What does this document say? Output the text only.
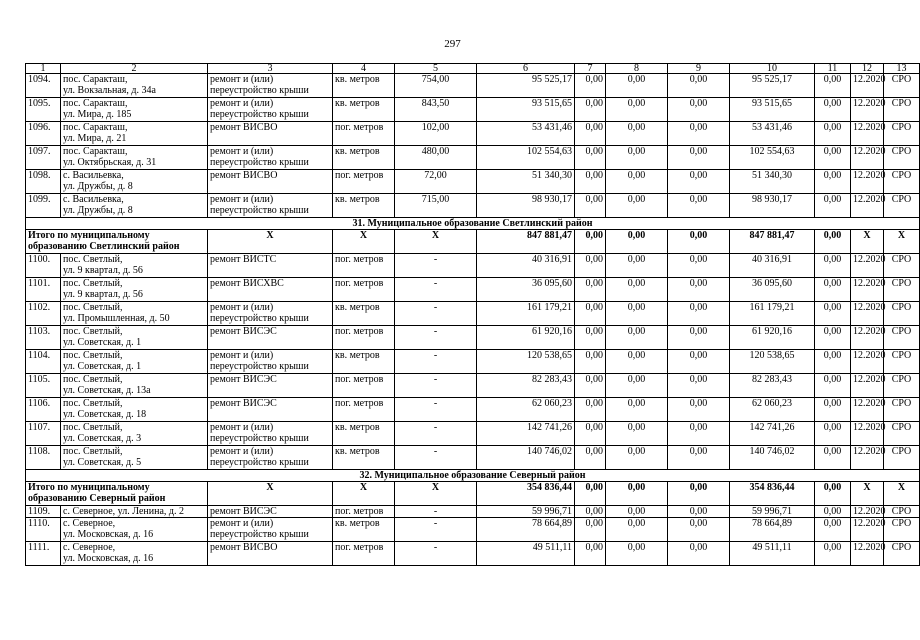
297
1	2	3	4	5	6	7	8	9	10	11	12	13
1094.	пос. Саракташ,
ул. Вокзальная, д. 34а	ремонт и (или)
переустройство крыши	кв. метров	754,00	95 525,17	0,00	0,00	0,00	95 525,17	0,00	12.2020	СРО
1095.	пос. Саракташ,
ул. Мира, д. 185	ремонт и (или)
переустройство крыши	кв. метров	843,50	93 515,65	0,00	0,00	0,00	93 515,65	0,00	12.2020	СРО
1096.	пос. Саракташ,
ул. Мира, д. 21	ремонт ВИСВО	пог. метров	102,00	53 431,46	0,00	0,00	0,00	53 431,46	0,00	12.2020	СРО
1097.	пос. Саракташ,
ул. Октябрьская, д. 31	ремонт и (или)
переустройство крыши	кв. метров	480,00	102 554,63	0,00	0,00	0,00	102 554,63	0,00	12.2020	СРО
1098.	с. Васильевка,
ул. Дружбы, д. 8	ремонт ВИСВО	пог. метров	72,00	51 340,30	0,00	0,00	0,00	51 340,30	0,00	12.2020	СРО
1099.	с. Васильевка,
ул. Дружбы, д. 8	ремонт и (или)
переустройство крыши	кв. метров	715,00	98 930,17	0,00	0,00	0,00	98 930,17	0,00	12.2020	СРО
31. Муниципальное образование Светлинский район												
Итого по муниципальному
образованию Светлинский район		Х	Х	Х	847 881,47	0,00	0,00	0,00	847 881,47	0,00	Х	Х
1100.	пос. Светлый,
ул. 9 квартал, д. 56	ремонт ВИСТС	пог. метров	-	40 316,91	0,00	0,00	0,00	40 316,91	0,00	12.2020	СРО
1101.	пос. Светлый,
ул. 9 квартал, д. 56	ремонт ВИСХВС	пог. метров	-	36 095,60	0,00	0,00	0,00	36 095,60	0,00	12.2020	СРО
1102.	пос. Светлый,
ул. Промышленная, д. 50	ремонт и (или)
переустройство крыши	кв. метров	-	161 179,21	0,00	0,00	0,00	161 179,21	0,00	12.2020	СРО
1103.	пос. Светлый,
ул. Советская, д. 1	ремонт ВИСЭС	пог. метров	-	61 920,16	0,00	0,00	0,00	61 920,16	0,00	12.2020	СРО
1104.	пос. Светлый,
ул. Советская, д. 1	ремонт и (или)
переустройство крыши	кв. метров	-	120 538,65	0,00	0,00	0,00	120 538,65	0,00	12.2020	СРО
1105.	пос. Светлый,
ул. Советская, д. 13а	ремонт ВИСЭС	пог. метров	-	82 283,43	0,00	0,00	0,00	82 283,43	0,00	12.2020	СРО
1106.	пос. Светлый,
ул. Советская, д. 18	ремонт ВИСЭС	пог. метров	-	62 060,23	0,00	0,00	0,00	62 060,23	0,00	12.2020	СРО
1107.	пос. Светлый,
ул. Советская, д. 3	ремонт и (или)
переустройство крыши	кв. метров	-	142 741,26	0,00	0,00	0,00	142 741,26	0,00	12.2020	СРО
1108.	пос. Светлый,
ул. Советская, д. 5	ремонт и (или)
переустройство крыши	кв. метров	-	140 746,02	0,00	0,00	0,00	140 746,02	0,00	12.2020	СРО
32. Муниципальное образование Северный район												
Итого по муниципальному
образованию Северный район		Х	Х	Х	354 836,44	0,00	0,00	0,00	354 836,44	0,00	Х	Х
1109.	с. Северное, ул. Ленина, д. 2	ремонт ВИСЭС	пог. метров	-	59 996,71	0,00	0,00	0,00	59 996,71	0,00	12.2020	СРО
1110.	с. Северное,
ул. Московская, д. 16	ремонт и (или)
переустройство крыши	кв. метров	-	78 664,89	0,00	0,00	0,00	78 664,89	0,00	12.2020	СРО
1111.	с. Северное,
ул. Московская, д. 16	ремонт ВИСВО	пог. метров	-	49 511,11	0,00	0,00	0,00	49 511,11	0,00	12.2020	СРО
